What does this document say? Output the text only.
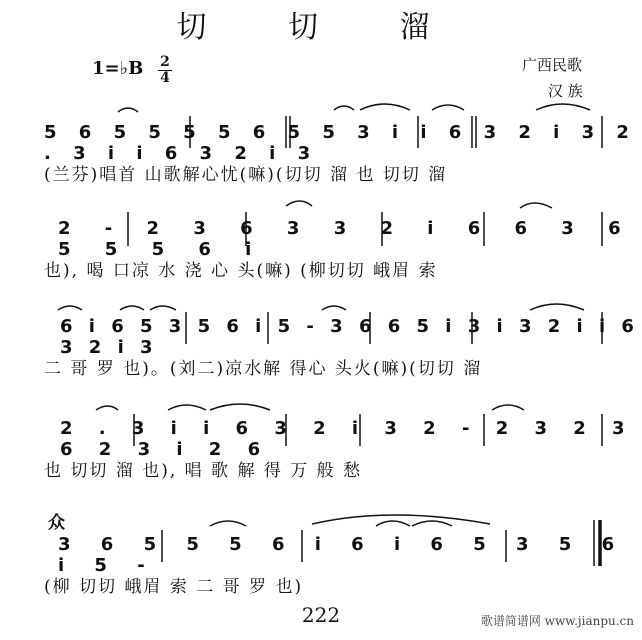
切 切 溜
广西民歌
汉 族
1=♭B 2
4
5 6 5 5 5 5 6 5 5 3 i i 6 3 2 i 3 2 . 3 i i 6 3 2 i 3
(兰芬)唱首 山歌解心忧(嘛)(切切 溜 也 切切 溜
2 - 2 3 6 3 3 2 i 6 6 3 6 5 5 5 6 i
也), 喝 口凉 水 浇 心 头(嘛) (柳切切 峨眉 索
6 i 6 5 3 5 6 i 5 - 3 6 6 5 i 3 i 3 2 i i 6 3 2 i 3
二 哥 罗 也)。(刘二)凉水解 得心 头火(嘛)(切切 溜
2 . 3 i i 6 3 2 i 3 2 - 2 3 2 3 6 2 3 i 2 6
也 切切 溜 也), 唱 歌 解 得 万 般 愁
众
3 6 5 5 5 6 i 6 i 6 5 3 5 6 i 5 -
(柳 切切 峨眉 索 二 哥 罗 也)
222	歌谱简谱网 www.jianpu.cn
